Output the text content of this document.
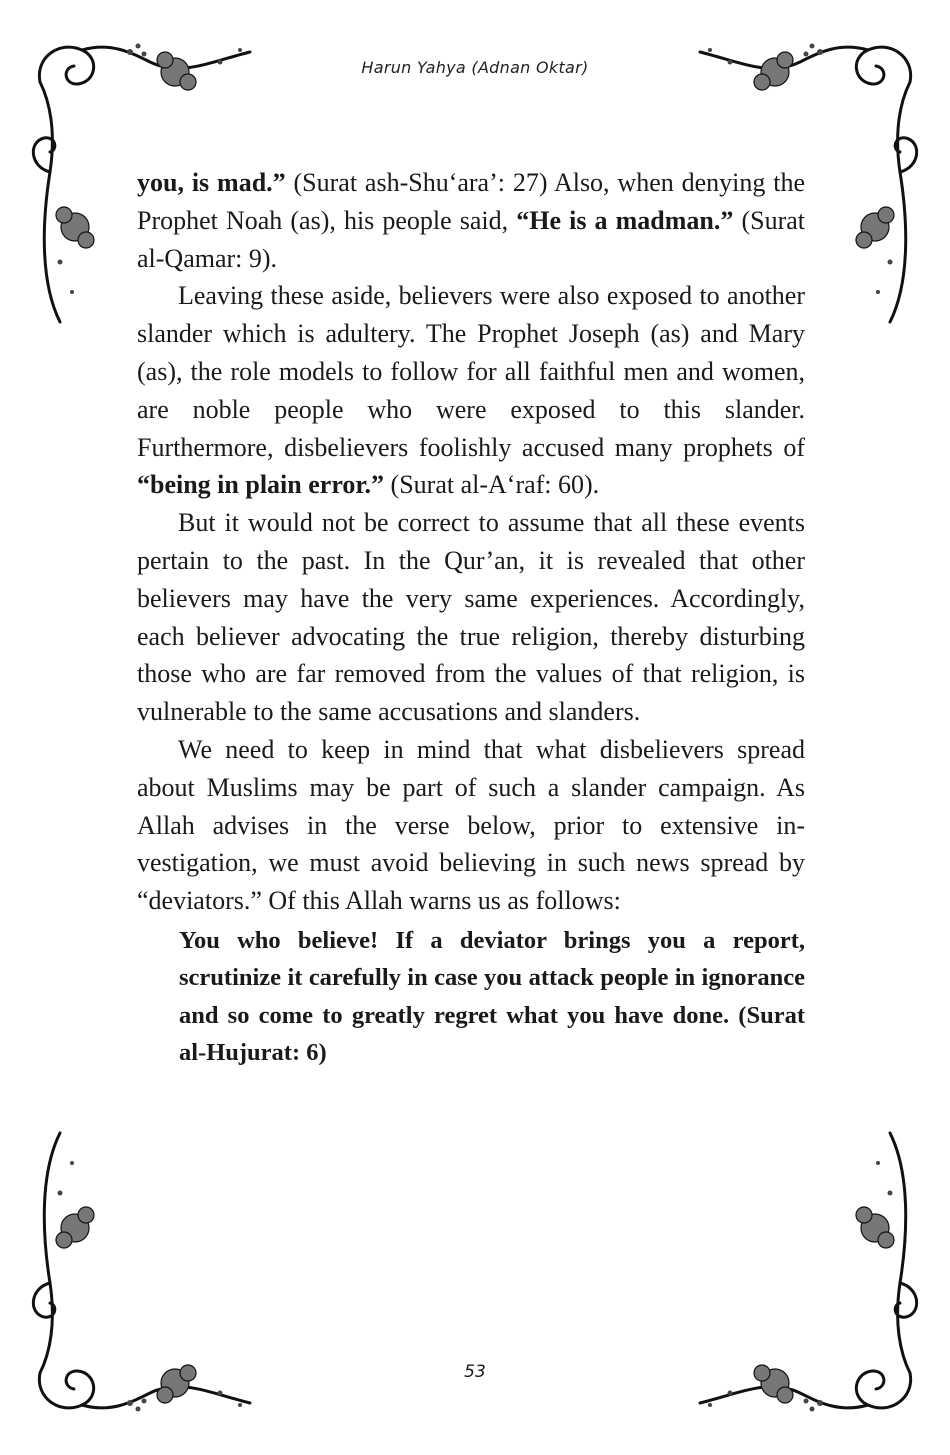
Harun Yahya (Adnan Oktar)

you, is mad.” (Surat ash-Shu‘ara’: 27) Also, when denying the Prophet Noah (as), his people said, “He is a madman.” (Surat al-Qamar: 9).

Leaving these aside, believers were also exposed to another slander which is adultery. The Prophet Joseph (as) and Mary (as), the role models to follow for all faithful men and women, are noble people who were exposed to this slander. Furthermore, disbelievers foolishly accused many prophets of “being in plain error.” (Surat al-A‘raf: 60).

But it would not be correct to assume that all these events pertain to the past. In the Qur’an, it is revealed that other believers may have the very same experiences. Accordingly, each believer advocating the true religion, thereby disturbing those who are far removed from the values of that religion, is vulnerable to the same accusations and slanders.

We need to keep in mind that what disbelievers spread about Muslims may be part of such a slander campaign. As Allah advises in the verse below, prior to extensive investigation, we must avoid believing in such news spread by “deviators.” Of this Allah warns us as follows:

You who believe! If a deviator brings you a report, scrutinize it carefully in case you attack people in ignorance and so come to greatly regret what you have done. (Surat al-Hujurat: 6)

53
